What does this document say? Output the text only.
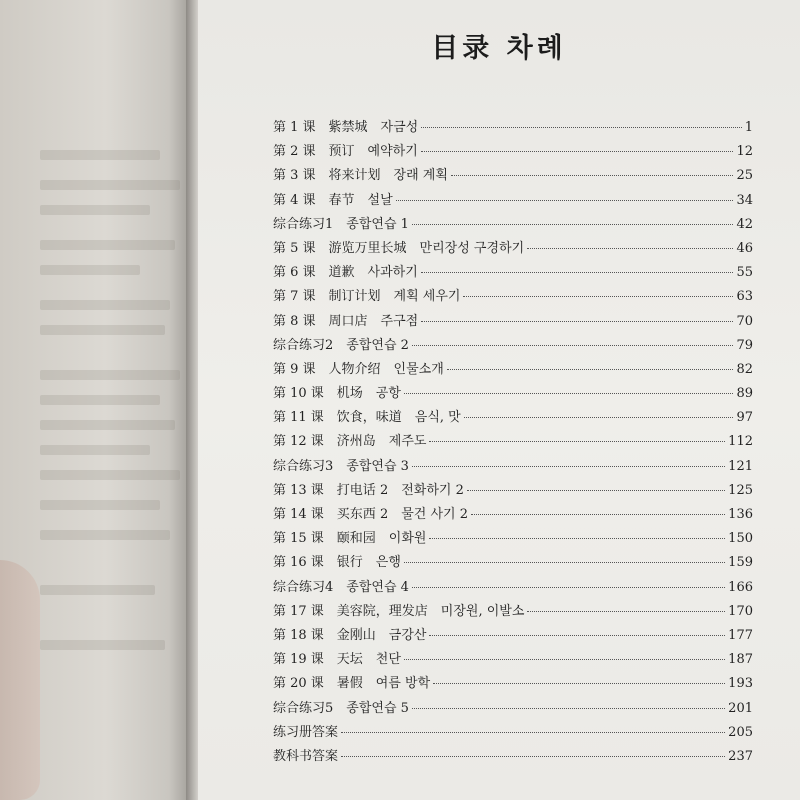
目录 차례
第 1 课　紫禁城　자금성	1
第 2 课　预订　예약하기	12
第 3 课　将来计划　장래 계획	25
第 4 课　春节　설날	34
综合练习1　종합연습 1	42
第 5 课　游览万里长城　만리장성 구경하기	46
第 6 课　道歉　사과하기	55
第 7 课　制订计划　계획 세우기	63
第 8 课　周口店　주구점	70
综合练习2　종합연습 2	79
第 9 课　人物介绍　인물소개	82
第 10 课　机场　공항	89
第 11 课　饮食，味道　음식, 맛	97
第 12 课　济州岛　제주도	112
综合练习3　종합연습 3	121
第 13 课　打电话 2　전화하기 2	125
第 14 课　买东西 2　물건 사기 2	136
第 15 课　颐和园　이화원	150
第 16 课　银行　은행	159
综合练习4　종합연습 4	166
第 17 课　美容院，理发店　미장원, 이발소	170
第 18 课　金刚山　금강산	177
第 19 课　天坛　천단	187
第 20 课　暑假　여름 방학	193
综合练习5　종합연습 5	201
练习册答案	205
教科书答案	237
